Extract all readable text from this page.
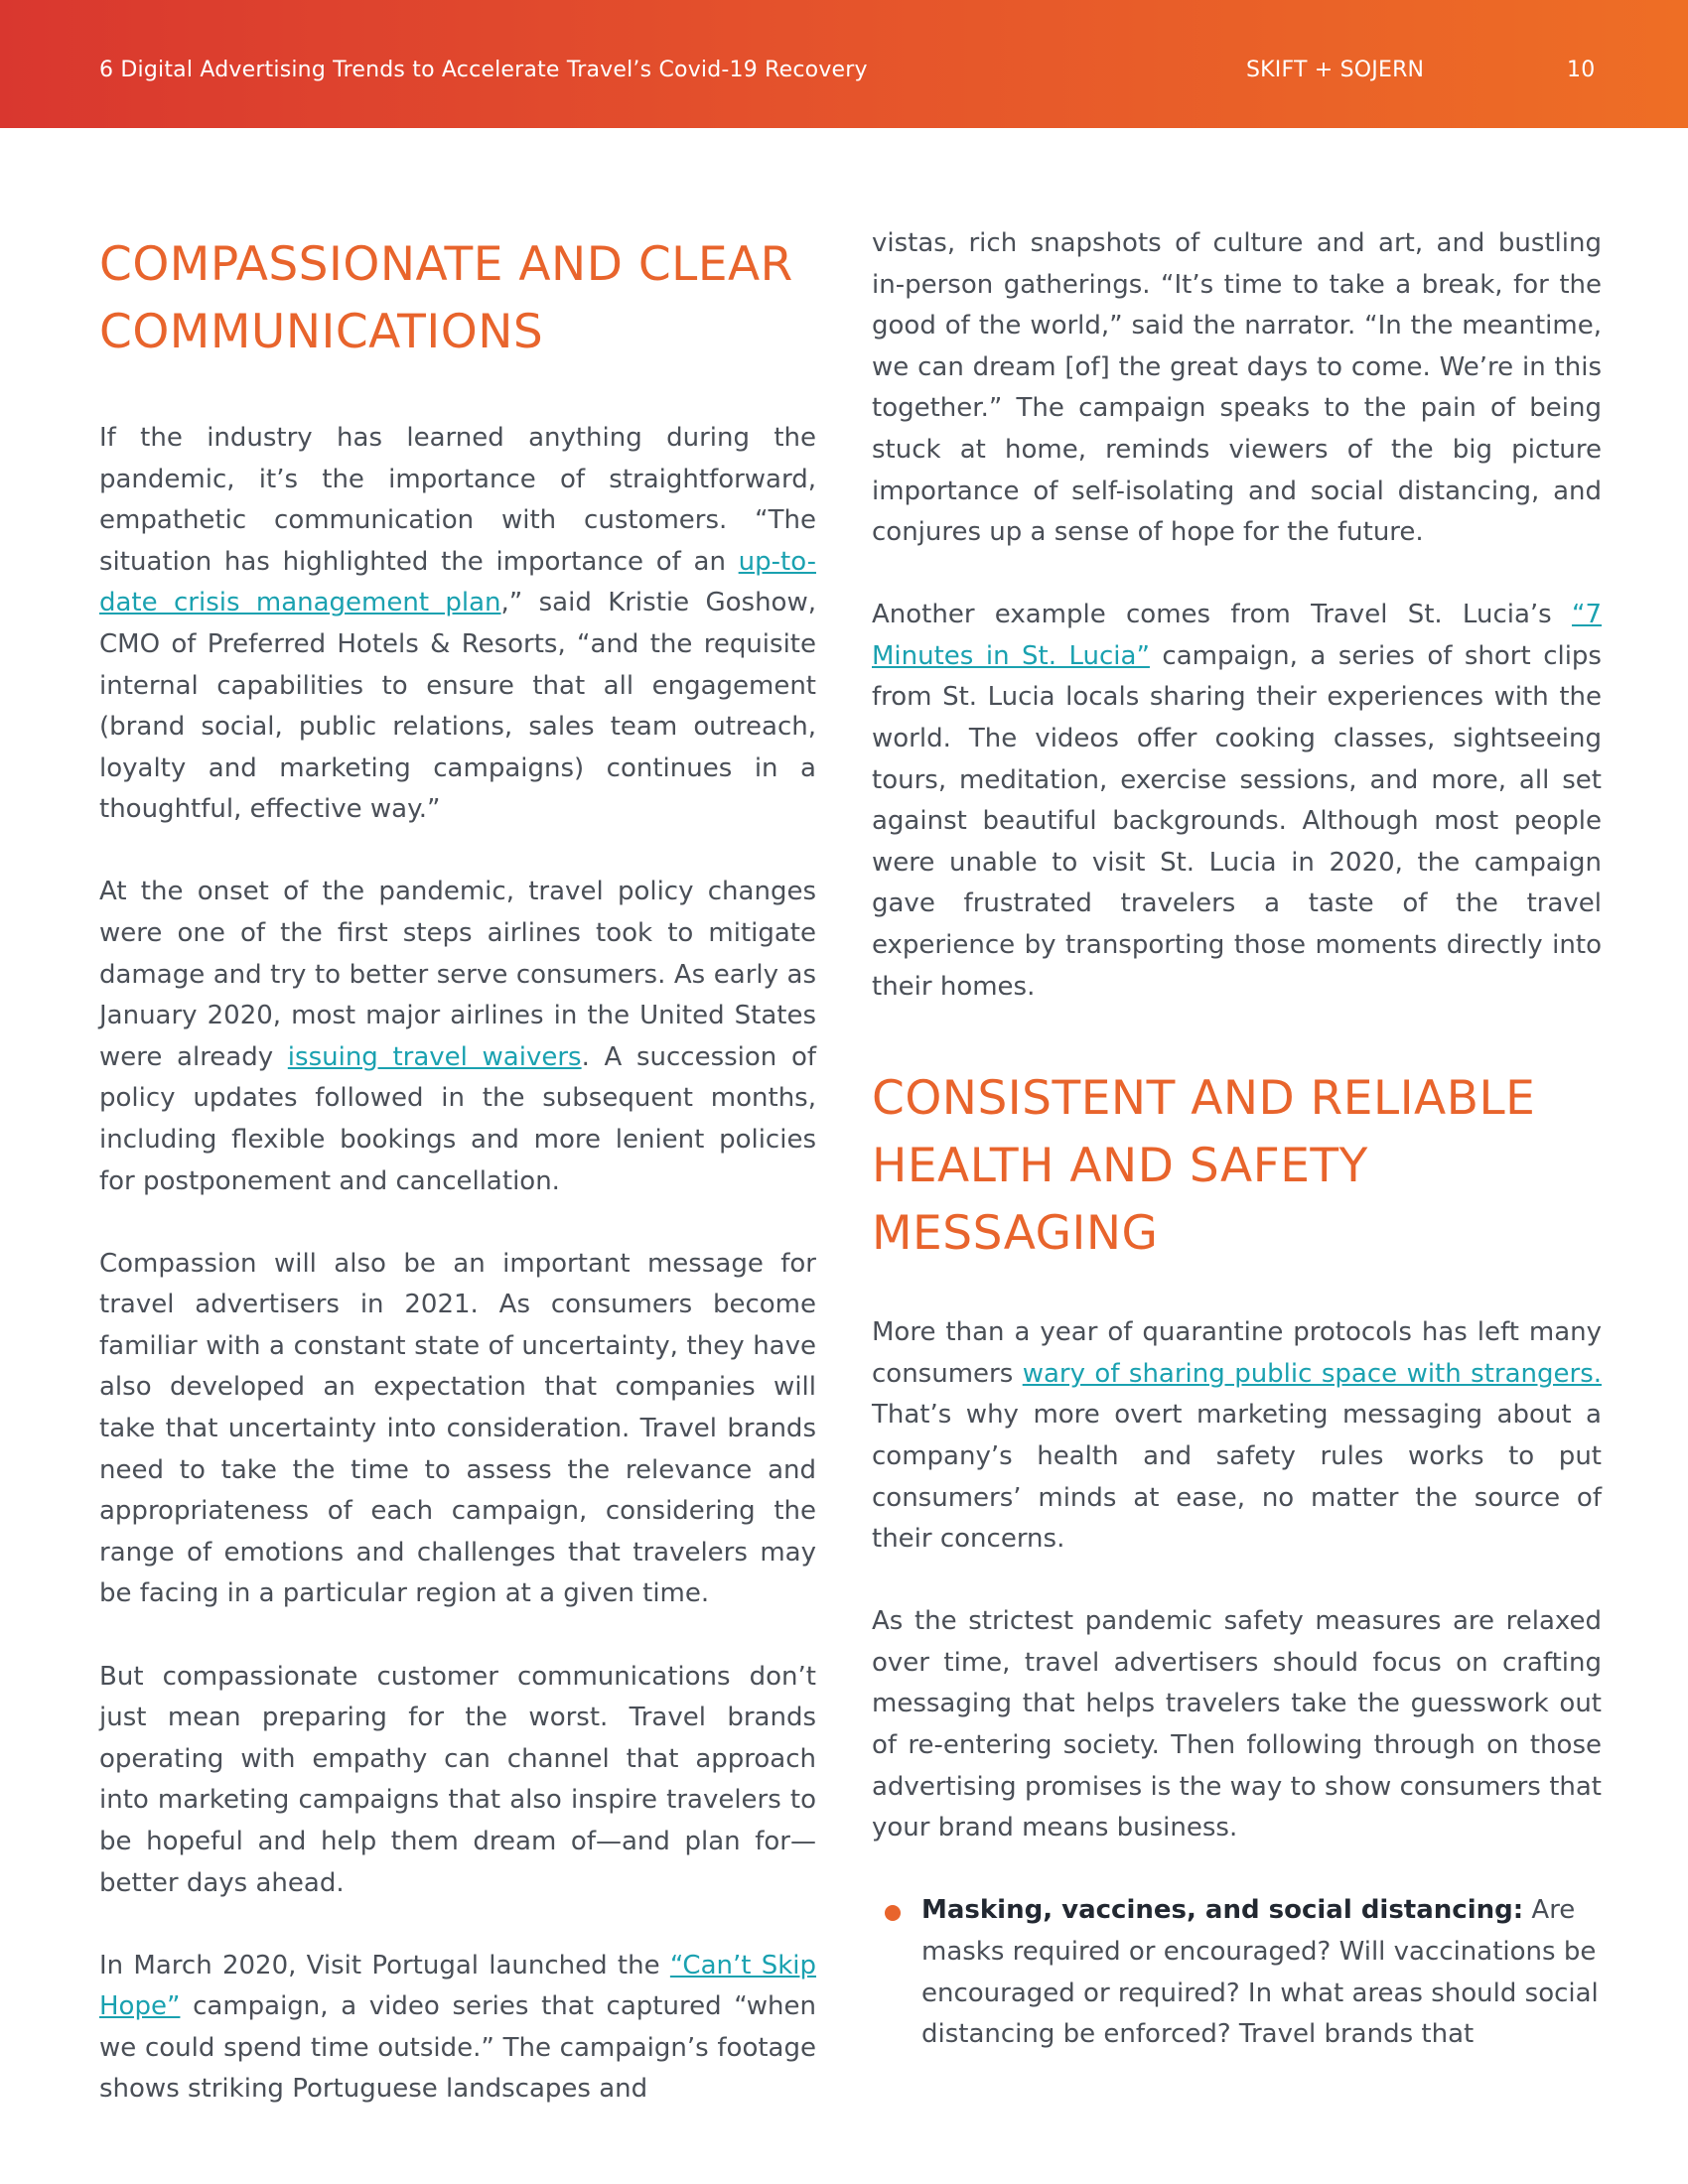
6 Digital Advertising Trends to Accelerate Travel’s Covid-19 Recovery	SKIFT + SOJERN	10
COMPASSIONATE AND CLEAR COMMUNICATIONS

If the industry has learned anything during the pandemic, it’s the importance of straightforward, empathetic communication with customers. “The situation has highlighted the importance of an up-to-date crisis management plan,” said Kristie Goshow, CMO of Preferred Hotels & Resorts, “and the requisite internal capabilities to ensure that all engagement (brand social, public relations, sales team outreach, loyalty and marketing campaigns) continues in a thoughtful, effective way.”

At the onset of the pandemic, travel policy changes were one of the first steps airlines took to mitigate damage and try to better serve consumers. As early as January 2020, most major airlines in the United States were already issuing travel waivers. A succession of policy updates followed in the subsequent months, including flexible bookings and more lenient policies for postponement and cancellation.

Compassion will also be an important message for travel advertisers in 2021. As consumers become familiar with a constant state of uncertainty, they have also developed an expectation that companies will take that uncertainty into consideration. Travel brands need to take the time to assess the relevance and appropriateness of each campaign, considering the range of emotions and challenges that travelers may be facing in a particular region at a given time.

But compassionate customer communications don’t just mean preparing for the worst. Travel brands operating with empathy can channel that approach into marketing campaigns that also inspire travelers to be hopeful and help them dream of—and plan for—better days ahead.

In March 2020, Visit Portugal launched the “Can’t Skip Hope” campaign, a video series that captured “when we could spend time outside.” The campaign’s footage shows striking Portuguese landscapes and

vistas, rich snapshots of culture and art, and bustling in-person gatherings. “It’s time to take a break, for the good of the world,” said the narrator. “In the meantime, we can dream [of] the great days to come. We’re in this together.” The campaign speaks to the pain of being stuck at home, reminds viewers of the big picture importance of self-isolating and social distancing, and conjures up a sense of hope for the future.

Another example comes from Travel St. Lucia’s “7 Minutes in St. Lucia” campaign, a series of short clips from St. Lucia locals sharing their experiences with the world. The videos offer cooking classes, sightseeing tours, meditation, exercise sessions, and more, all set against beautiful backgrounds. Although most people were unable to visit St. Lucia in 2020, the campaign gave frustrated travelers a taste of the travel experience by transporting those moments directly into their homes.

CONSISTENT AND RELIABLE HEALTH AND SAFETY MESSAGING

More than a year of quarantine protocols has left many consumers wary of sharing public space with strangers. That’s why more overt marketing messaging about a company’s health and safety rules works to put consumers’ minds at ease, no matter the source of their concerns.

As the strictest pandemic safety measures are relaxed over time, travel advertisers should focus on crafting messaging that helps travelers take the guesswork out of re-entering society. Then following through on those advertising promises is the way to show consumers that your brand means business.

Masking, vaccines, and social distancing: Are masks required or encouraged? Will vaccinations be encouraged or required? In what areas should social distancing be enforced? Travel brands that
